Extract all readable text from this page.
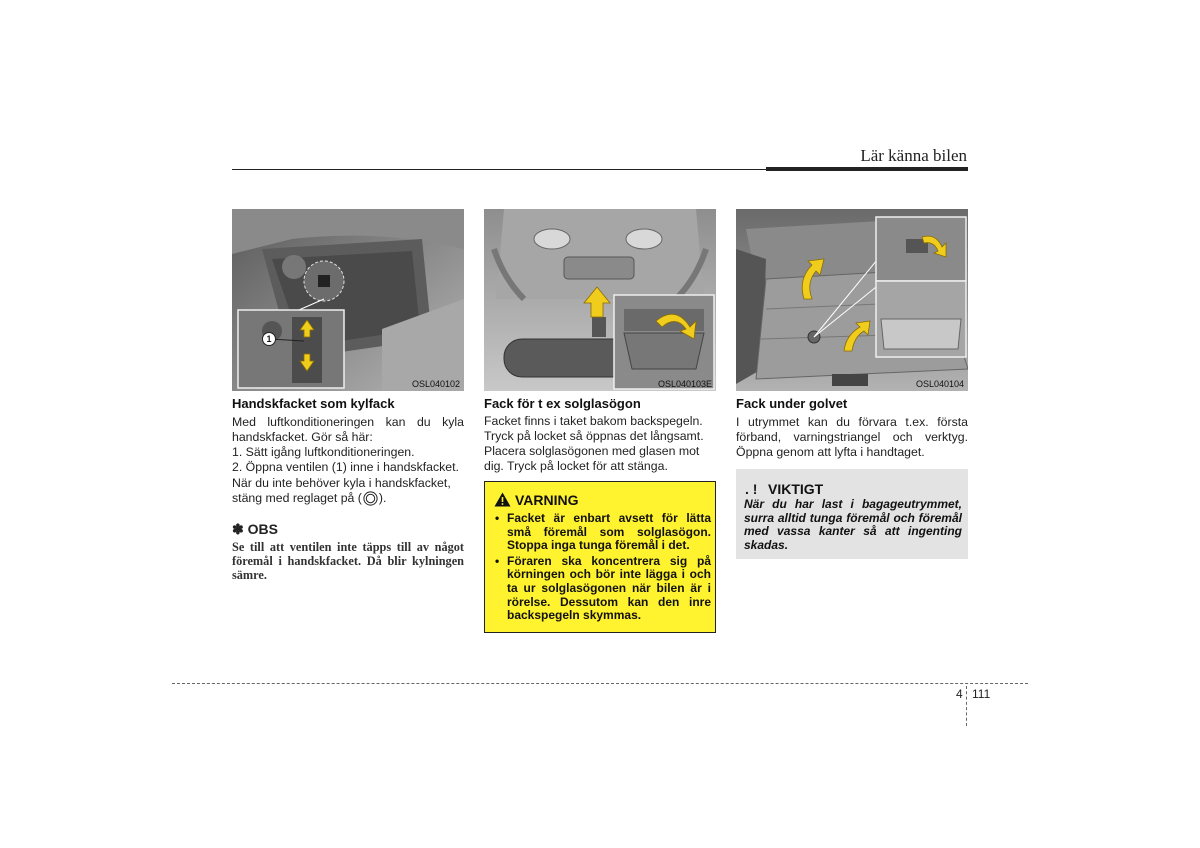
Lär känna bilen
1
OSL040102	OSL040103E	OSL040104
Handskfacket som kylfack
Med luftkonditioneringen kan du kyla handskfacket. Gör så här:
1. Sätt igång luftkonditioneringen.
2. Öppna ventilen (1) inne i handskfacket.
När du inte behöver kyla i handskfacket,
stäng med reglaget på ( ).
✽ OBS
Se till att ventilen inte täpps till av något föremål i handskfacket. Då blir kylningen sämre.
Fack för t ex solglasögon
Facket finns i taket bakom backspegeln. Tryck på locket så öppnas det långsamt. Placera solglasögonen med glasen mot dig. Tryck på locket för att stänga.
VARNING
• Facket är enbart avsett för lätta små föremål som solglasögon. Stoppa inga tunga föremål i det.
• Föraren ska koncentrera sig på körningen och bör inte lägga i och ta ur solglasögonen när bilen är i rörelse. Dessutom kan den inre backspegeln skymmas.
Fack under golvet
I utrymmet kan du förvara t.ex. första förband, varningstriangel och verktyg. Öppna genom att lyfta i handtaget.
. ! VIKTIGT
När du har last i bagageutrymmet, surra alltid tunga föremål och föremål med vassa kanter så att ingenting skadas.
4 111
